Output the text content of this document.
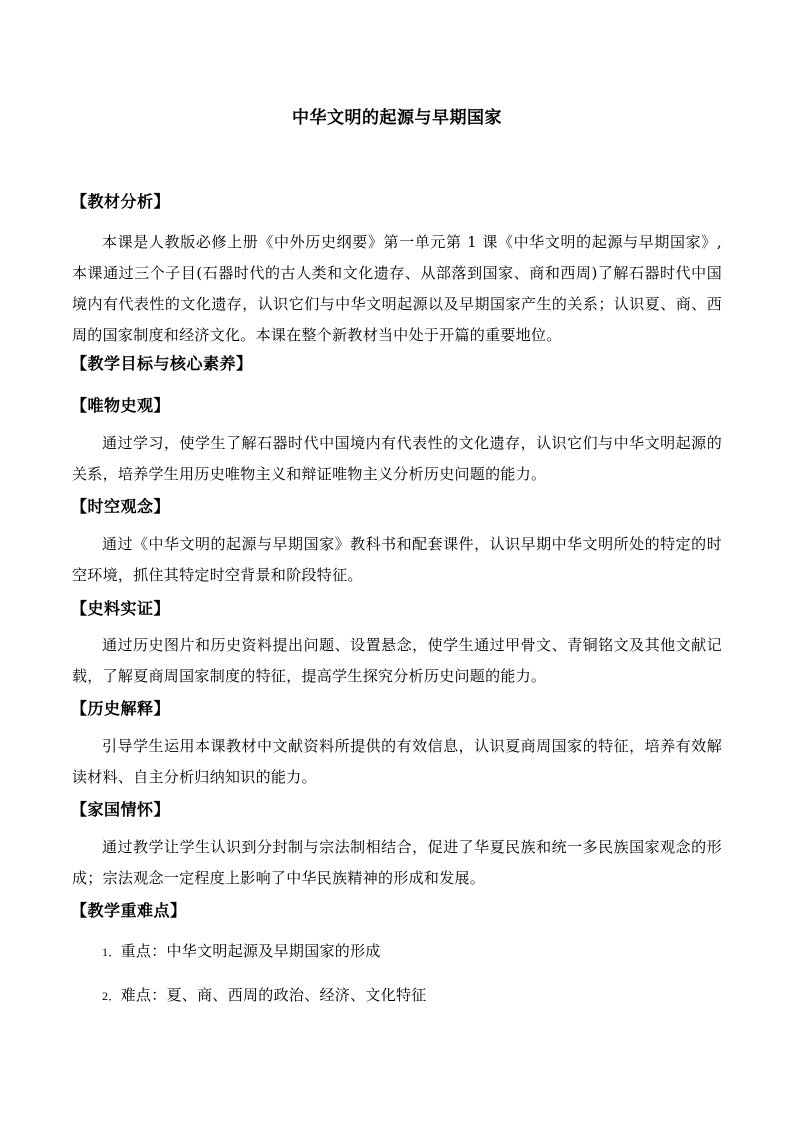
中华文明的起源与早期国家
【教材分析】
本课是人教版必修上册《中外历史纲要》第一单元第 1 课《中华文明的起源与早期国家》,本课通过三个子目(石器时代的古人类和文化遗存、从部落到国家、商和西周)了解石器时代中国境内有代表性的文化遗存，认识它们与中华文明起源以及早期国家产生的关系；认识夏、商、西周的国家制度和经济文化。本课在整个新教材当中处于开篇的重要地位。
【教学目标与核心素养】
【唯物史观】
通过学习，使学生了解石器时代中国境内有代表性的文化遗存，认识它们与中华文明起源的关系，培养学生用历史唯物主义和辩证唯物主义分析历史问题的能力。
【时空观念】
通过《中华文明的起源与早期国家》教科书和配套课件，认识早期中华文明所处的特定的时空环境，抓住其特定时空背景和阶段特征。
【史料实证】
通过历史图片和历史资料提出问题、设置悬念，使学生通过甲骨文、青铜铭文及其他文献记载，了解夏商周国家制度的特征，提高学生探究分析历史问题的能力。
【历史解释】
引导学生运用本课教材中文献资料所提供的有效信息，认识夏商周国家的特征，培养有效解读材料、自主分析归纳知识的能力。
【家国情怀】
通过教学让学生认识到分封制与宗法制相结合，促进了华夏民族和统一多民族国家观念的形成；宗法观念一定程度上影响了中华民族精神的形成和发展。
【教学重难点】
1．重点：中华文明起源及早期国家的形成
2．难点：夏、商、西周的政治、经济、文化特征
